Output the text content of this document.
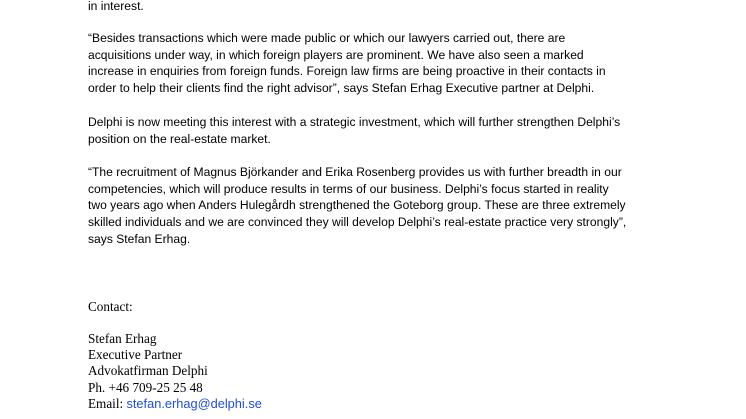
in interest.

“Besides transactions which were made public or which our lawyers carried out, there are
acquisitions under way, in which foreign players are prominent. We have also seen a marked
increase in enquiries from foreign funds. Foreign law firms are being proactive in their contacts in
order to help their clients find the right advisor”, says Stefan Erhag Executive partner at Delphi.

Delphi is now meeting this interest with a strategic investment, which will further strengthen Delphi’s
position on the real-estate market.

“The recruitment of Magnus Björkander and Erika Rosenberg provides us with further breadth in our
competencies, which will produce results in terms of our business. Delphi’s focus started in reality
two years ago when Anders Hulegårdh strengthened the Goteborg group. These are three extremely
skilled individuals and we are convinced they will develop Delphi’s real-estate practice very strongly”,
says Stefan Erhag.

Contact:
Stefan Erhag
Executive Partner
Advokatfirman Delphi
Ph. +46 709-25 25 48
Email: stefan.erhag@delphi.se
